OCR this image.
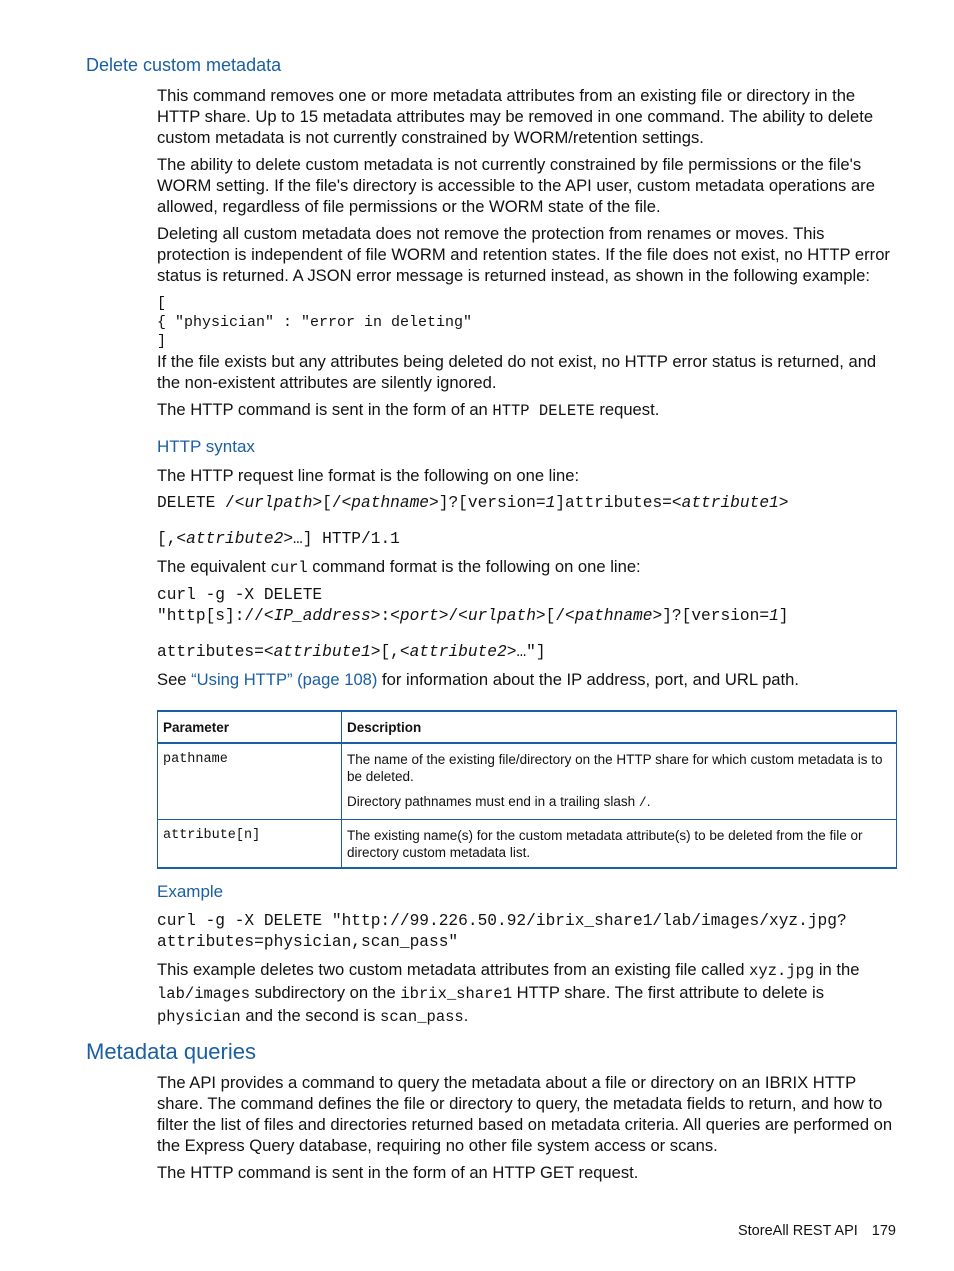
Delete custom metadata

This command removes one or more metadata attributes from an existing file or directory in the HTTP share. Up to 15 metadata attributes may be removed in one command. The ability to delete custom metadata is not currently constrained by WORM/retention settings.

The ability to delete custom metadata is not currently constrained by file permissions or the file's WORM setting. If the file's directory is accessible to the API user, custom metadata operations are allowed, regardless of file permissions or the WORM state of the file.

Deleting all custom metadata does not remove the protection from renames or moves. This protection is independent of file WORM and retention states. If the file does not exist, no HTTP error status is returned. A JSON error message is returned instead, as shown in the following example:

[
{ "physician" : "error in deleting"
]

If the file exists but any attributes being deleted do not exist, no HTTP error status is returned, and the non-existent attributes are silently ignored.

The HTTP command is sent in the form of an HTTP DELETE request.

HTTP syntax

The HTTP request line format is the following on one line:

DELETE /<urlpath>[/<pathname>]?[version=1]attributes=<attribute1>
[,<attribute2>…] HTTP/1.1

The equivalent curl command format is the following on one line:

curl -g -X DELETE
"http[s]://<IP_address>:<port>/<urlpath>[/<pathname>]?[version=1]
attributes=<attribute1>[,<attribute2>…"]

See “Using HTTP” (page 108) for information about the IP address, port, and URL path.

Parameter	Description
pathname	The name of the existing file/directory on the HTTP share for which custom metadata is to be deleted.

Directory pathnames must end in a trailing slash /.

attribute[n]	The existing name(s) for the custom metadata attribute(s) to be deleted from the file or directory custom metadata list.

Example
curl -g -X DELETE "http://99.226.50.92/ibrix_share1/lab/images/xyz.jpg?
attributes=physician,scan_pass"

This example deletes two custom metadata attributes from an existing file called xyz.jpg in the lab/images subdirectory on the ibrix_share1 HTTP share. The first attribute to delete is physician and the second is scan_pass.

Metadata queries

The API provides a command to query the metadata about a file or directory on an IBRIX HTTP share. The command defines the file or directory to query, the metadata fields to return, and how to filter the list of files and directories returned based on metadata criteria. All queries are performed on the Express Query database, requiring no other file system access or scans.

The HTTP command is sent in the form of an HTTP GET request.

StoreAll REST API 179
